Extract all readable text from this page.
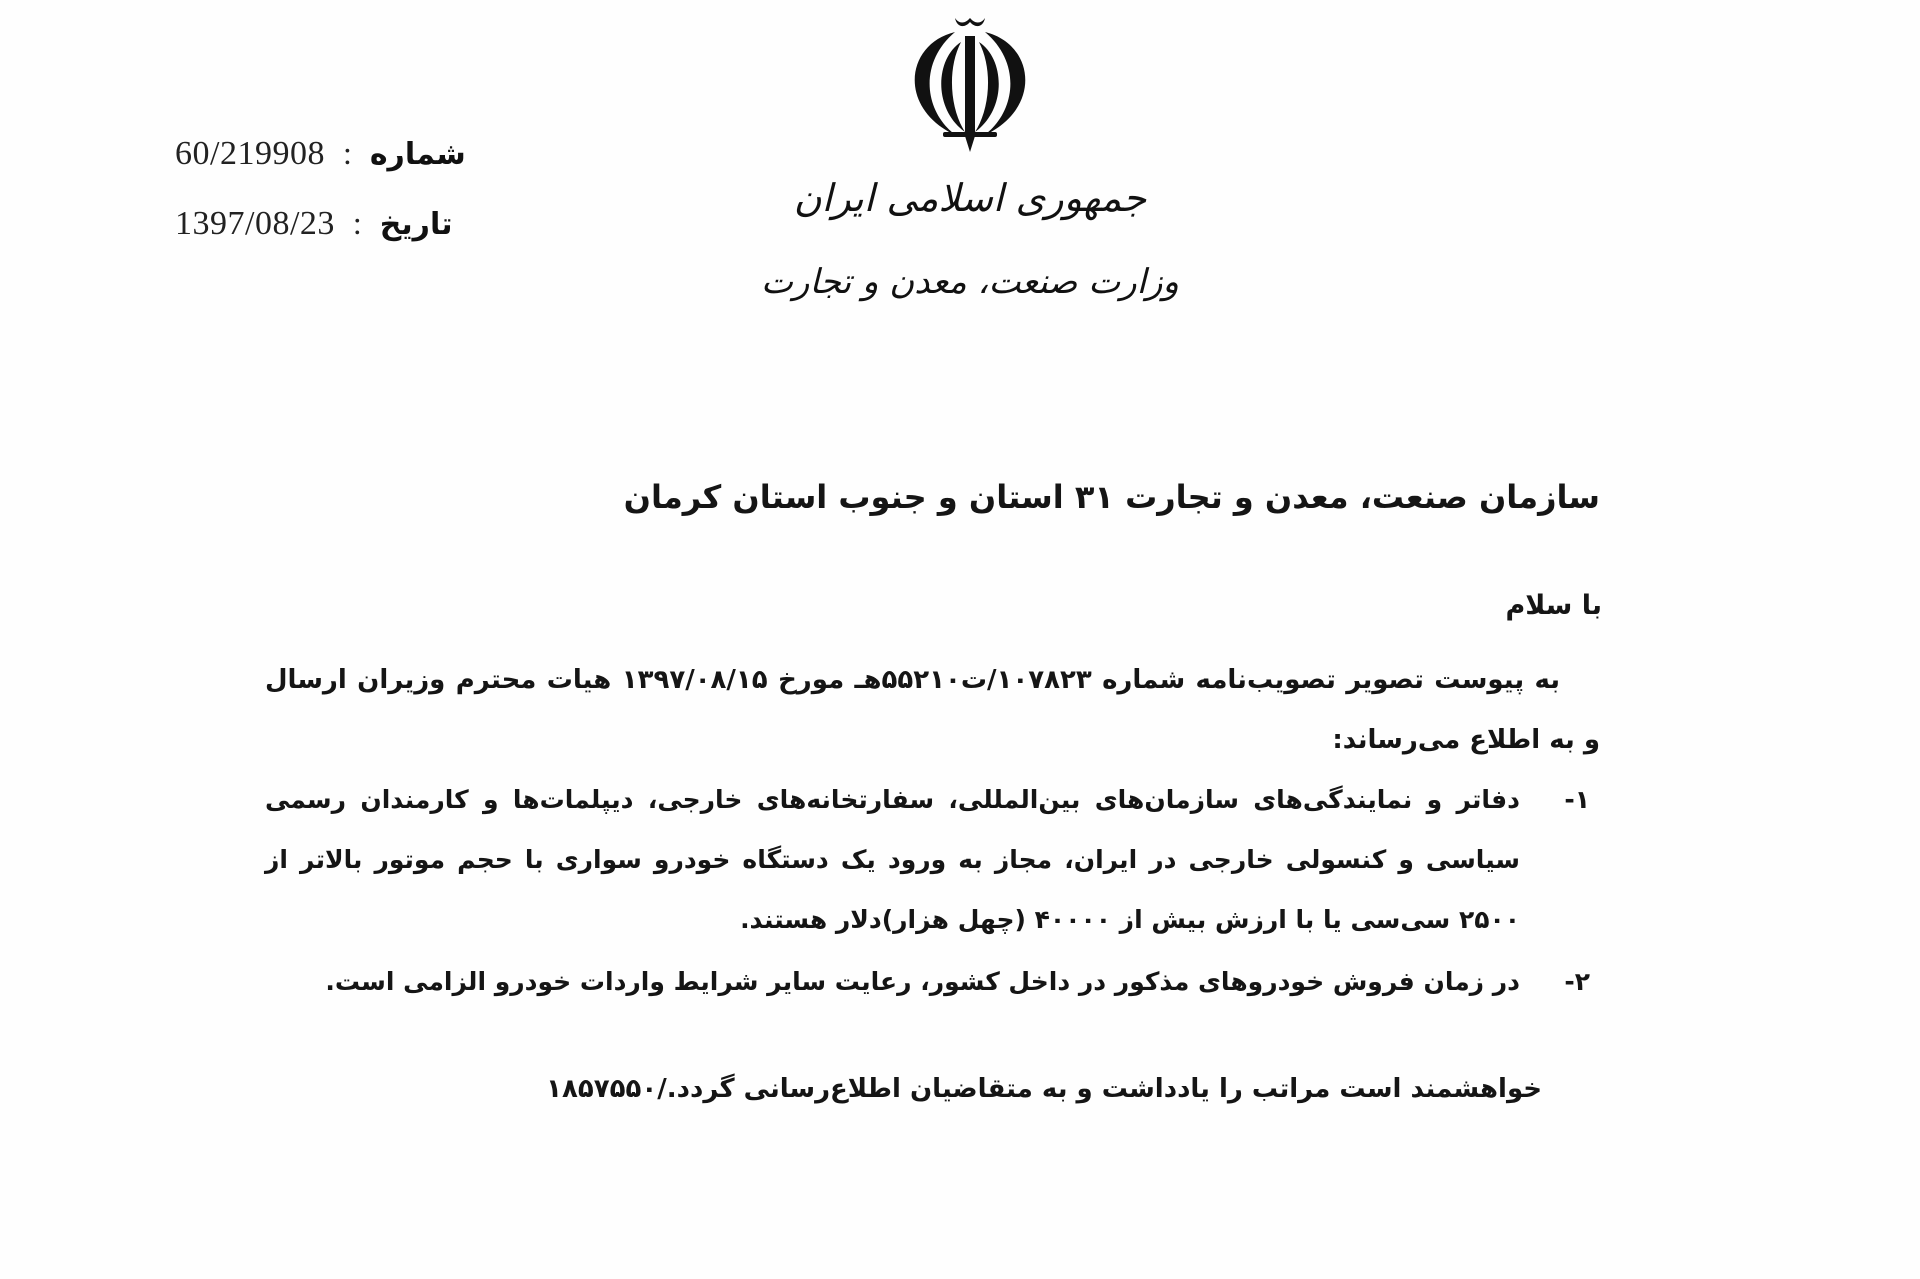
60/219908 : شماره
1397/08/23 : تاریخ
جمهوری اسلامی ایران
وزارت صنعت، معدن و تجارت
سازمان صنعت، معدن و تجارت ۳۱ استان و جنوب استان کرمان
با سلام
به پیوست تصویر تصویب‌نامه شماره ۱۰۷۸۲۳/ت۵۵۲۱۰هـ مورخ ۱۳۹۷/۰۸/۱۵ هیات محترم وزیران ارسال و به اطلاع می‌رساند:
۱-
دفاتر و نمایندگی‌های سازمان‌های بین‌المللی، سفارتخانه‌های خارجی، دیپلمات‌ها و کارمندان رسمی سیاسی و کنسولی خارجی در ایران، مجاز به ورود یک دستگاه خودرو سواری با حجم موتور بالاتر از ۲۵۰۰ سی‌سی یا با ارزش بیش از ۴۰۰۰۰ (چهل هزار)دلار هستند.
۲-
در زمان فروش خودروهای مذکور در داخل کشور، رعایت سایر شرایط واردات خودرو الزامی است.
خواهشمند است مراتب را یادداشت و به متقاضیان اطلاع‌رسانی گردد./۱۸۵۷۵۵۰
